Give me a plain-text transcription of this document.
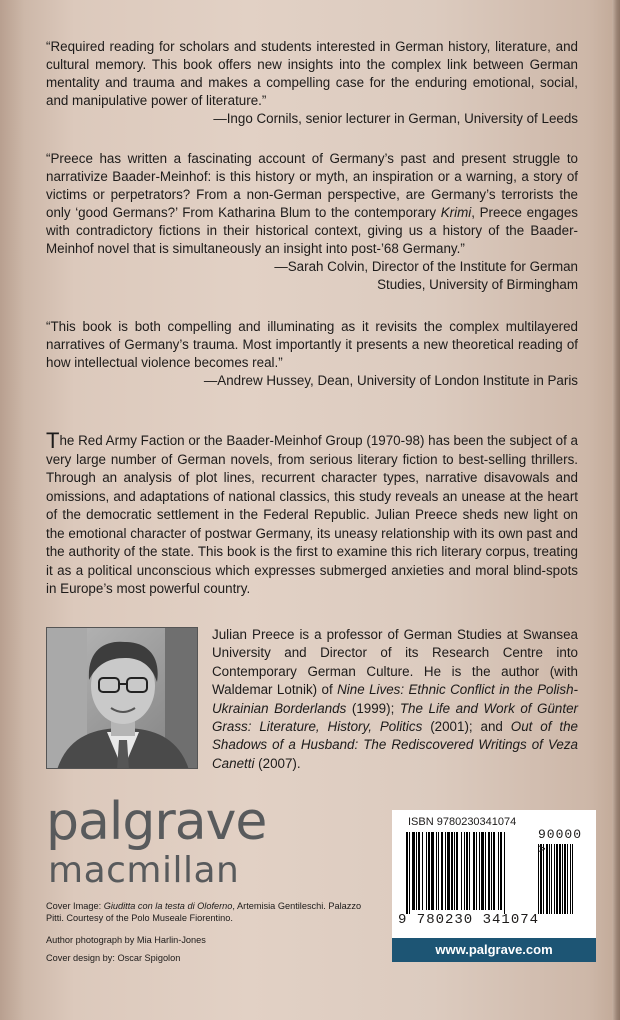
“Required reading for scholars and students interested in German history, literature, and cultural memory. This book offers new insights into the complex link between German mentality and trauma and makes a compelling case for the enduring emotional, social, and manipulative power of literature.”

—Ingo Cornils, senior lecturer in German, University of Leeds

“Preece has written a fascinating account of Germany’s past and present struggle to narrativize Baader-Meinhof: is this history or myth, an inspiration or a warning, a story of victims or perpetrators? From a non-German perspective, are Germany’s terrorists the only ‘good Germans?’ From Katharina Blum to the contemporary Krimi, Preece engages with contradictory fictions in their historical context, giving us a history of the Baader-Meinhof novel that is simultaneously an insight into post-’68 Germany.”

—Sarah Colvin, Director of the Institute for German
Studies, University of Birmingham

“This book is both compelling and illuminating as it revisits the complex multilayered narratives of Germany’s trauma. Most importantly it presents a new theoretical reading of how intellectual violence becomes real.”

—Andrew Hussey, Dean, University of London Institute in Paris
The Red Army Faction or the Baader-Meinhof Group (1970-98) has been the subject of a very large number of German novels, from serious literary fiction to best-selling thrillers. Through an analysis of plot lines, recurrent character types, narrative disavowals and omissions, and adaptations of national classics, this study reveals an unease at the heart of the democratic settlement in the Federal Republic. Julian Preece sheds new light on the emotional character of postwar Germany, its uneasy relationship with its own past and the authority of the state. This book is the first to examine this rich literary corpus, treating it as a political unconscious which expresses submerged anxieties and moral blind-spots in Europe’s most powerful country.
Julian Preece is a professor of German Studies at Swansea University and Director of its Research Centre into Contemporary German Culture. He is the author (with Waldemar Lotnik) of Nine Lives: Ethnic Conflict in the Polish-Ukrainian Borderlands (1999); The Life and Work of Günter Grass: Literature, History, Politics (2001); and Out of the Shadows of a Husband: The Rediscovered Writings of Veza Canetti (2007).
palgrave
macmillan
Cover Image: Giuditta con la testa di Oloferno, Artemisia Gentileschi. Palazzo Pitti. Courtesy of the Polo Museale Fiorentino.
Author photograph by Mia Harlin-Jones
Cover design by: Oscar Spigolon
ISBN 9780230341074
90000 >
9 780230 341074
www.palgrave.com
